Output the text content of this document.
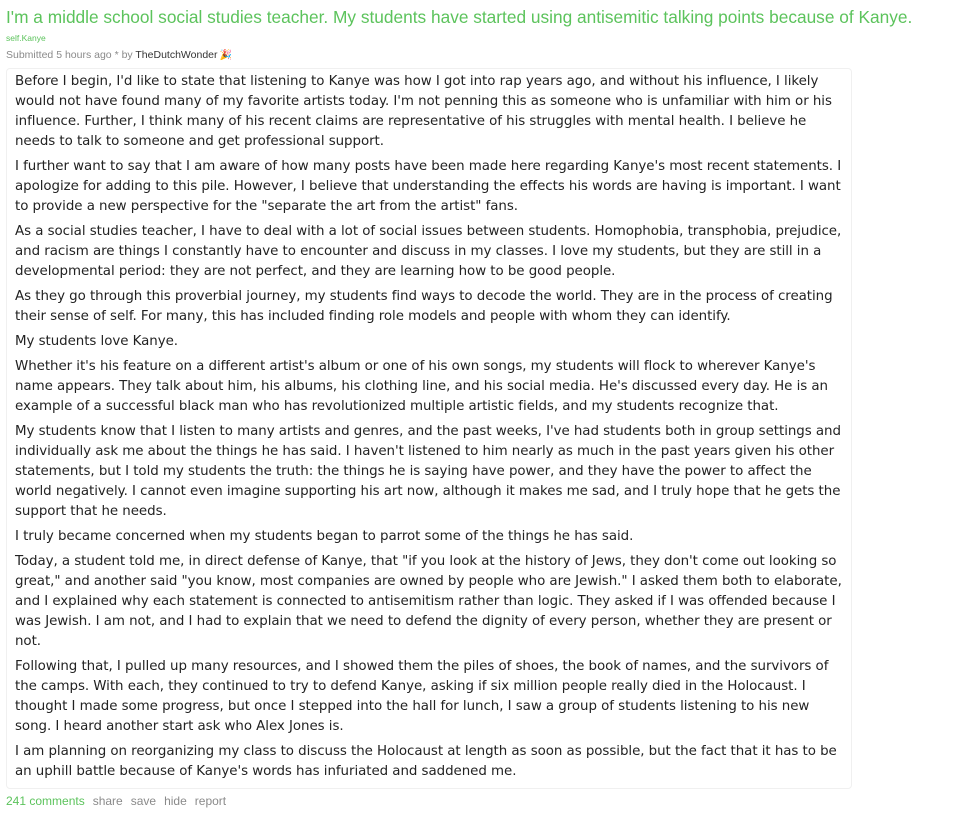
I'm a middle school social studies teacher. My students have started using antisemitic talking points because of Kanye.
self.Kanye
Submitted 5 hours ago * by TheDutchWonder 🎉

Before I begin, I'd like to state that listening to Kanye was how I got into rap years ago, and without his influence, I likely would not have found many of my favorite artists today. I'm not penning this as someone who is unfamiliar with him or his influence. Further, I think many of his recent claims are representative of his struggles with mental health. I believe he needs to talk to someone and get professional support.

I further want to say that I am aware of how many posts have been made here regarding Kanye's most recent statements. I apologize for adding to this pile. However, I believe that understanding the effects his words are having is important. I want to provide a new perspective for the "separate the art from the artist" fans.

As a social studies teacher, I have to deal with a lot of social issues between students. Homophobia, transphobia, prejudice, and racism are things I constantly have to encounter and discuss in my classes. I love my students, but they are still in a developmental period: they are not perfect, and they are learning how to be good people.

As they go through this proverbial journey, my students find ways to decode the world. They are in the process of creating their sense of self. For many, this has included finding role models and people with whom they can identify.

My students love Kanye.

Whether it's his feature on a different artist's album or one of his own songs, my students will flock to wherever Kanye's name appears. They talk about him, his albums, his clothing line, and his social media. He's discussed every day. He is an example of a successful black man who has revolutionized multiple artistic fields, and my students recognize that.

My students know that I listen to many artists and genres, and the past weeks, I've had students both in group settings and individually ask me about the things he has said. I haven't listened to him nearly as much in the past years given his other statements, but I told my students the truth: the things he is saying have power, and they have the power to affect the world negatively. I cannot even imagine supporting his art now, although it makes me sad, and I truly hope that he gets the support that he needs.

I truly became concerned when my students began to parrot some of the things he has said.

Today, a student told me, in direct defense of Kanye, that "if you look at the history of Jews, they don't come out looking so great," and another said "you know, most companies are owned by people who are Jewish." I asked them both to elaborate, and I explained why each statement is connected to antisemitism rather than logic. They asked if I was offended because I was Jewish. I am not, and I had to explain that we need to defend the dignity of every person, whether they are present or not.

Following that, I pulled up many resources, and I showed them the piles of shoes, the book of names, and the survivors of the camps. With each, they continued to try to defend Kanye, asking if six million people really died in the Holocaust. I thought I made some progress, but once I stepped into the hall for lunch, I saw a group of students listening to his new song. I heard another start ask who Alex Jones is.

I am planning on reorganizing my class to discuss the Holocaust at length as soon as possible, but the fact that it has to be an uphill battle because of Kanye's words has infuriated and saddened me.

241 comments share save hide report
